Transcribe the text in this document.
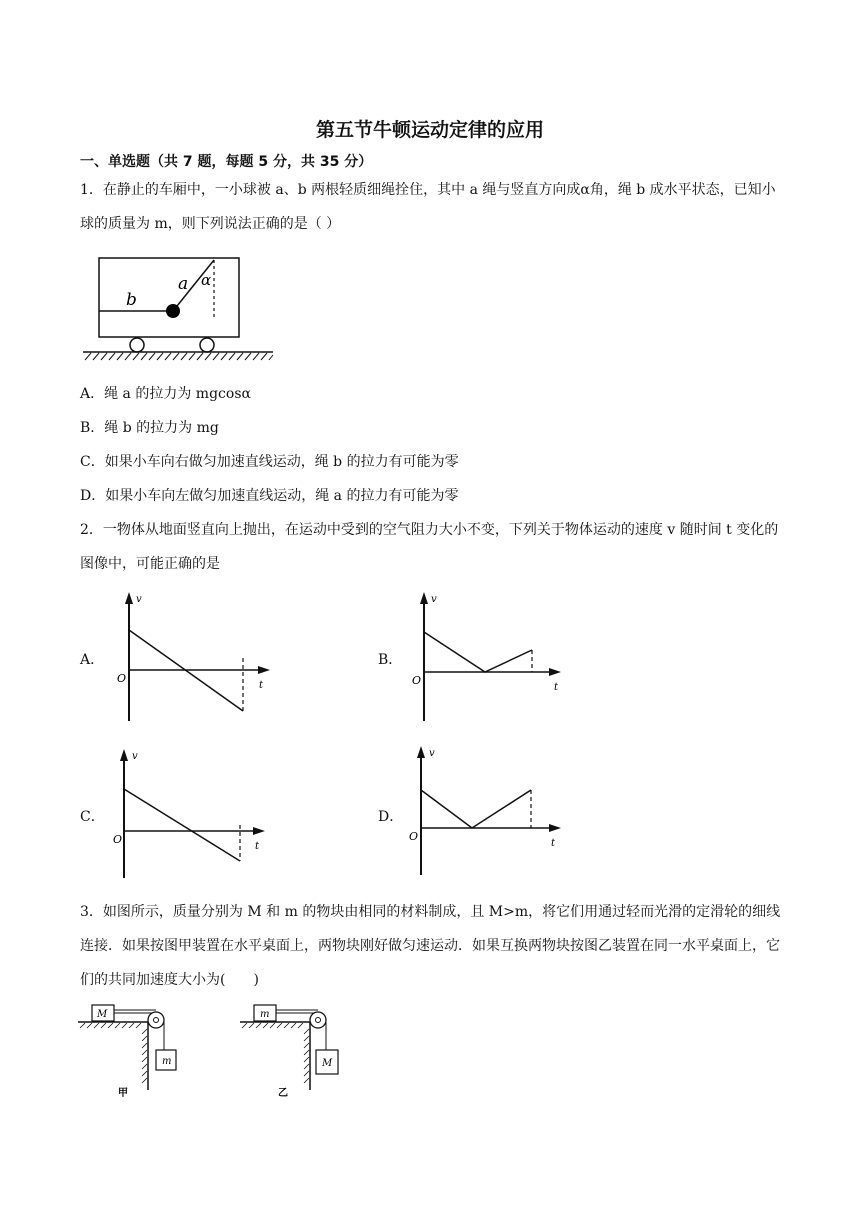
第五节牛顿运动定律的应用
一、单选题（共 7 题，每题 5 分，共 35 分）
1．在静止的车厢中，一小球被 a、b 两根轻质细绳拴住，其中 a 绳与竖直方向成α角，绳 b 成水平状态，已知小球的质量为 m，则下列说法正确的是（ ）
b
a α
A．绳 a 的拉力为 mgcosα
B．绳 b 的拉力为 mg
C．如果小车向右做匀加速直线运动，绳 b 的拉力有可能为零
D．如果小车向左做匀加速直线运动，绳 a 的拉力有可能为零
2．一物体从地面竖直向上抛出，在运动中受到的空气阻力大小不变，下列关于物体运动的速度 v 随时间 t 变化的图像中，可能正确的是
A．	B．
C．	D．
v
O
t
v
O
t
v
O
t
v
O
t
3．如图所示，质量分别为 M 和 m 的物块由相同的材料制成，且 M>m，将它们用通过轻而光滑的定滑轮的细线连接．如果按图甲装置在水平桌面上，两物块刚好做匀速运动．如果互换两物块按图乙装置在同一水平桌面上，它们的共同加速度大小为(　　)
M
m
甲
m
M
乙
